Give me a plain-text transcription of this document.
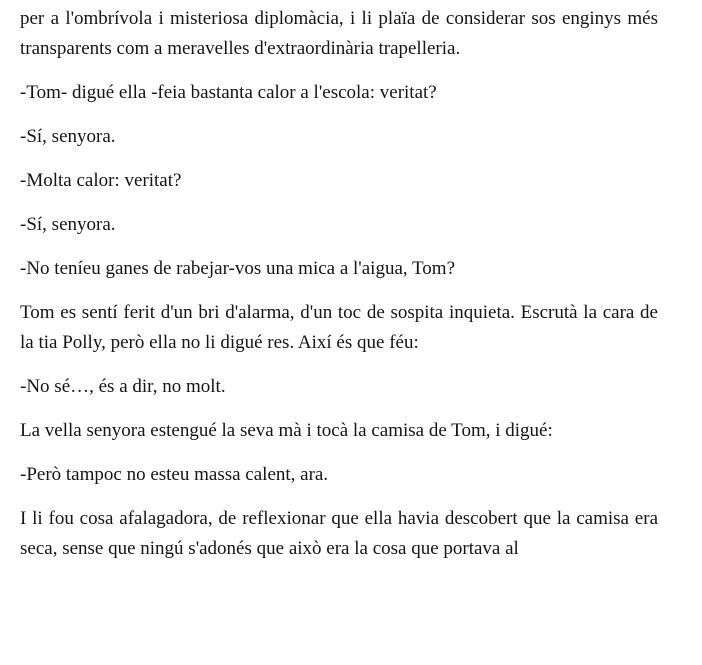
per a l'ombrívola i misteriosa diplomàcia, i li plaïa de considerar sos enginys més transparents com a meravelles d'extraordinària trapelleria.

-Tom- digué ella -feia bastanta calor a l'escola: veritat?

-Sí, senyora.

-Molta calor: veritat?

-Sí, senyora.

-No teníeu ganes de rabejar-vos una mica a l'aigua, Tom?

Tom es sentí ferit d'un bri d'alarma, d'un toc de sospita inquieta. Escrutà la cara de la tia Polly, però ella no li digué res. Així és que féu:

-No sé…, és a dir, no molt.

La vella senyora estengué la seva mà i tocà la camisa de Tom, i digué:

-Però tampoc no esteu massa calent, ara.

I li fou cosa afalagadora, de reflexionar que ella havia descobert que la camisa era seca, sense que ningú s'adonés que això era la cosa que portava al
